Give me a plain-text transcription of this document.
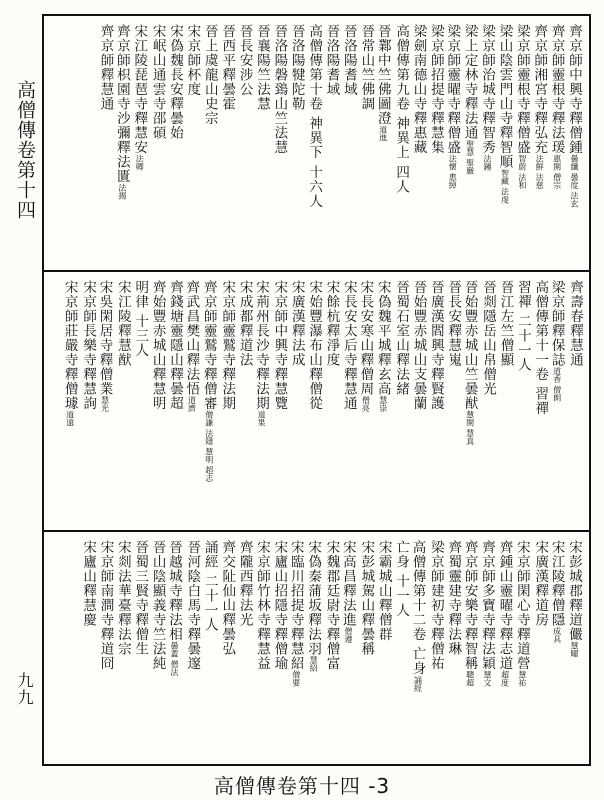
高僧傳卷第十四
九九
齊京師中興寺釋僧鍾曇纖 曇度 法玄
齊京師靈根寺釋法瑗惠開 僧宗
齊京師湘宮寺釋弘充法鮮 法慈
梁京師靈根寺釋僧盛智蔚 法和
梁山陰雲門山寺釋智順智藏 法虔
梁京師治城寺釋智秀法鍾
梁上定林寺釋法通聖慧 聖嚴
梁京師靈曜寺釋僧盛法懷 惠綽
梁京師招提寺釋慧集
梁劍南德山寺釋惠藏
高僧傳第九卷 神異上 四人
晉鄴中竺佛圖澄道進
晉常山竺佛調
晉洛陽耆域
晉洛陽耆域
高僧傳第十卷 神異下 十六人
晉洛陽犍陀勒
晉洛陽磐鵄山竺法慧
晉襄陽竺法慧
晉長安涉公
晉西平釋曇霍
晉上虞龍山史宗
宋京師杯度
宋偽魏長安釋曇始
宋岷山通雲寺邵碩
宋江陵琵琶寺釋慧安法卿
齊京師枳園寺沙彌釋法匱法揭
齊京師釋慧通
齊壽春釋慧通
梁京師釋保誌道香 僧朗
高僧傳第十一卷 習禪
習禪 二十一人
晉江左竺僧顯
晉剡隱岳山帛僧光
晉始豐赤城山竺曇猷慧開 慧真
晉長安釋慧嵬
晉廣漢閻興寺釋賢護
晉始豐赤城山支曇蘭
晉蜀石室山釋法緒
宋偽魏平城釋玄高慧崇
宋長安寒山釋僧周僧亮
宋長安太后寺釋慧通
宋餘杭釋淨度
宋始豐瀑布山釋僧從
宋廣漢釋法成
宋京師中興寺釋慧覽
宋荊州長沙寺釋法期道果
宋成都釋道法
宋京師靈鷲寺釋法期
齊京師靈鷲寺釋僧審僧謙 法隱 慧明 超志
齊武昌樊山釋法悟道濟
齊錢塘靈隱山釋曇超
齊始豐赤城山釋慧明
明律 十三人
宋江陵釋慧猷
宋吳閑居寺釋僧業慧光
宋京師長樂寺釋慧詢
宋京師莊嚴寺釋僧璩道遠
宋彭城郡釋道儼慧曜
宋江陵釋僧隱成具
宋廣漢釋道房
宋京師閑心寺釋道營慧祐
齊鍾山靈曜寺釋志道超度
齊京師多寶寺釋法穎慧文
齊京師安樂寺釋智稱聰超
齊蜀靈建寺釋法琳
梁京師建初寺釋僧祐
高僧傳第十二卷 亡身誦經
亡身 十一人
宋霸城山釋僧群
宋彭城駕山釋曇稱
宋高昌釋法進僧遵
宋魏郡廷尉寺釋僧富
宋偽秦蒲坂釋法羽慧紹
宋臨川招提寺釋慧紹僧要
宋廬山招隱寺釋僧瑜
宋京師竹林寺釋慧益
齊隴西釋法光
齊交阯仙山釋曇弘
誦經 二十一人
晉河陰白馬寺釋曇邃
晉越城寺釋法相曇蓋 僧法
晉山陰顯義寺竺法純
晉蜀三賢寺釋僧生
宋剡法華臺釋法宗
宋京師南澗寺釋道冏
宋廬山釋慧慶
高僧傳卷第十四 -3
